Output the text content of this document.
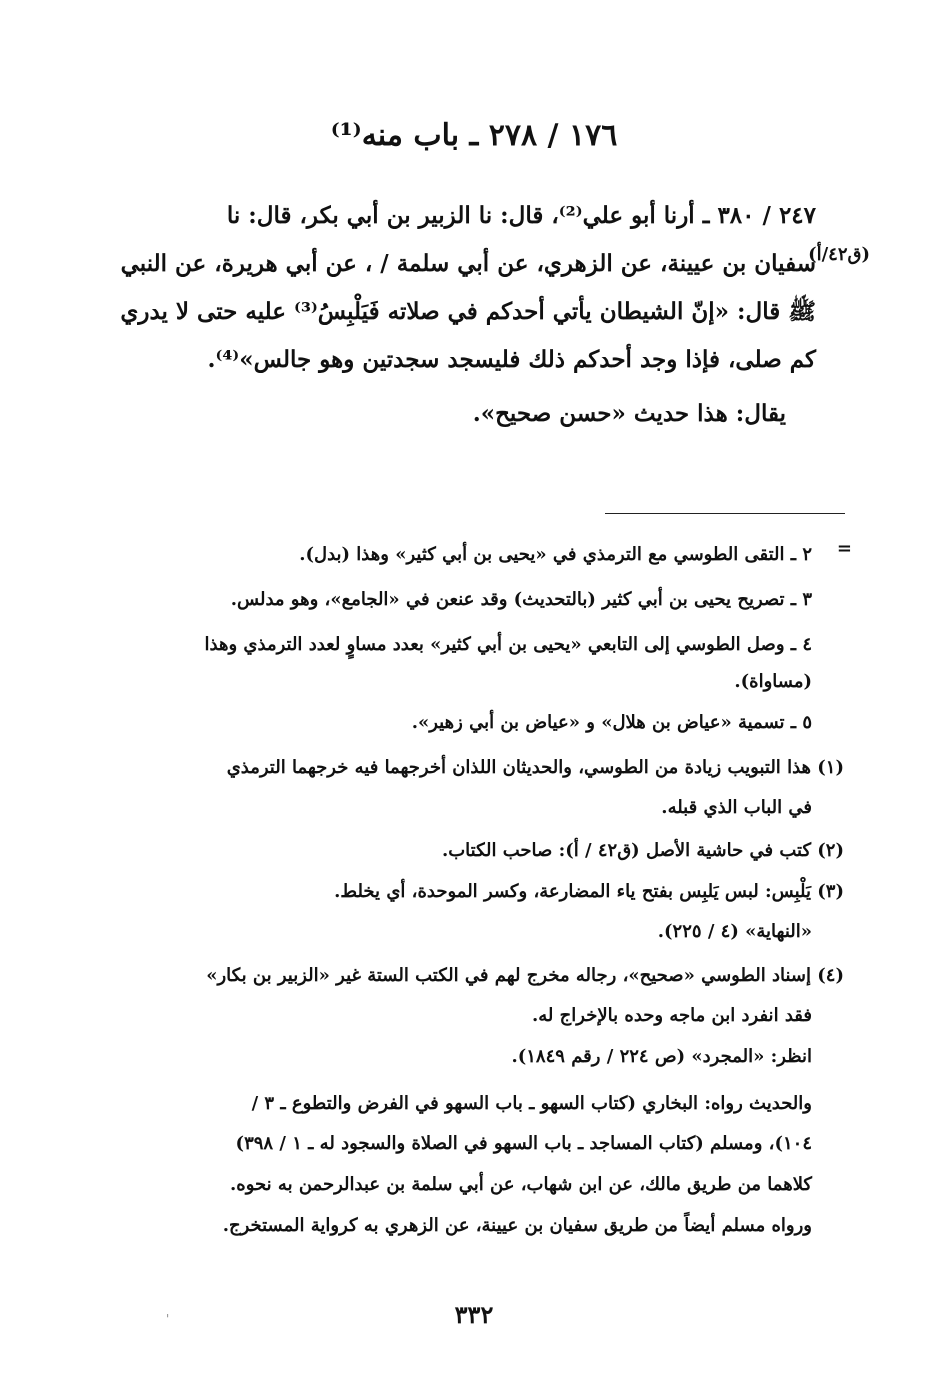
١٧٦ / ٢٧٨ ـ باب منه⁽¹⁾
٢٤٧ / ٣٨٠ ـ أرنا أبو علي⁽²⁾، قال: نا الزبير بن أبي بكر، قال: نا
سفيان بن عيينة، عن الزهري، عن أبي سلمة / ، عن أبي هريرة، عن النبي
ﷺ قال: «إنّ الشيطان يأتي أحدكم في صلاته فَيَلْبِسُ⁽³⁾ عليه حتى لا يدري
كم صلى، فإذا وجد أحدكم ذلك فليسجد سجدتين وهو جالس»⁽⁴⁾.
(ق٤٢/أ)
يقال: هذا حديث «حسن صحيح».
=
٢ ـ التقى الطوسي مع الترمذي في «يحيى بن أبي كثير» وهذا (بدل).
٣ ـ تصريح يحيى بن أبي كثير (بالتحديث) وقد عنعن في «الجامع»، وهو مدلس.
٤ ـ وصل الطوسي إلى التابعي «يحيى بن أبي كثير» بعدد مساوٍ لعدد الترمذي وهذا
(مساواة).
٥ ـ تسمية «عياض بن هلال» و «عياض بن أبي زهير».
(١) هذا التبويب زيادة من الطوسي، والحديثان اللذان أخرجهما فيه خرجهما الترمذي
في الباب الذي قبله.
(٢) كتب في حاشية الأصل (ق٤٢ / أ): صاحب الكتاب.
(٣) يَلْبِس: لبس يَلبِس بفتح ياء المضارعة، وكسر الموحدة، أي يخلط.
«النهاية» (٤ / ٢٢٥).
(٤) إسناد الطوسي «صحيح»، رجاله مخرج لهم في الكتب الستة غير «الزبير بن بكار»
فقد انفرد ابن ماجه وحده بالإخراج له.
انظر: «المجرد» (ص ٢٢٤ / رقم ١٨٤٩).
والحديث رواه: البخاري (كتاب السهو ـ باب السهو في الفرض والتطوع ـ ٣ /
١٠٤)، ومسلم (كتاب المساجد ـ باب السهو في الصلاة والسجود له ـ ١ / ٣٩٨)
كلاهما من طريق مالك، عن ابن شهاب، عن أبي سلمة بن عبدالرحمن به نحوه.
ورواه مسلم أيضاً من طريق سفيان بن عيينة، عن الزهري به كرواية المستخرج.
٣٣٢
'
